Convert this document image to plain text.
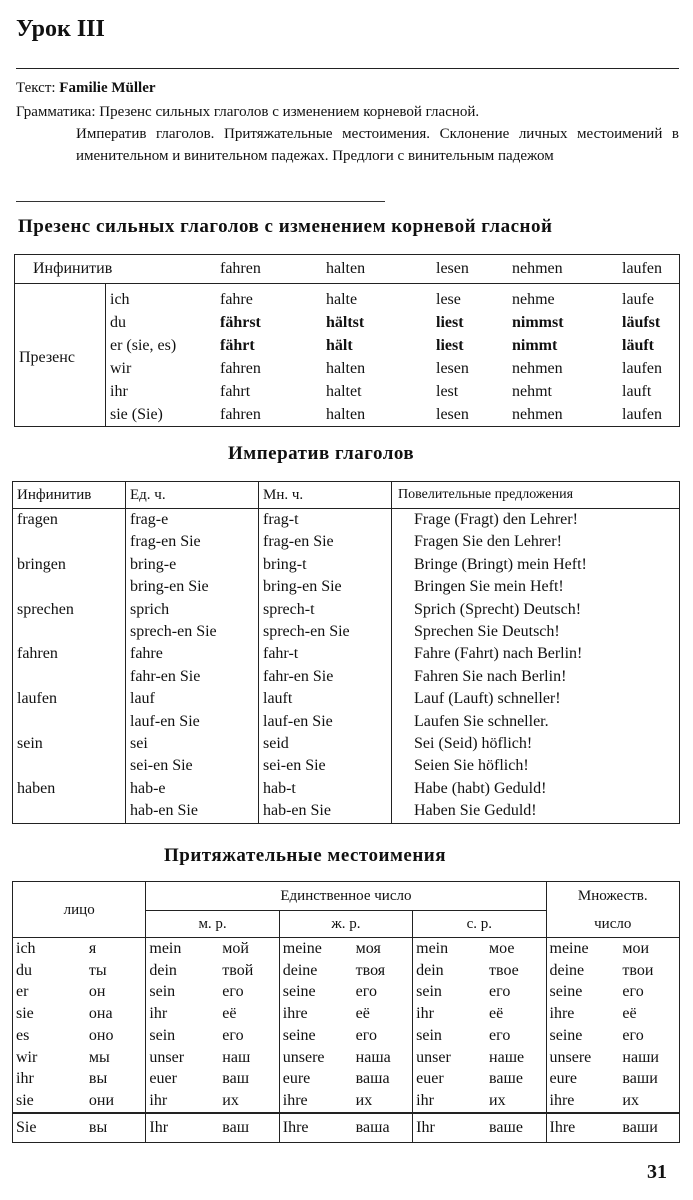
Урок III
Текст: Familie Müller
Грамматика: Презенс сильных глаголов с изменением корневой гласной.
Императив глаголов. Притяжательные местоимения. Склонение личных местоимений в именительном и винительном падежах. Предлоги с винительным падежом
Презенс сильных глаголов с изменением корневой гласной
Инфинитив		fahren	halten	lesen	nehmen	laufen
Презенс	ich	fahre	halte	lese	nehme	laufe
	du	fährst	hältst	liest	nimmst	läufst
	er (sie, es)	fährt	hält	liest	nimmt	läuft
	wir	fahren	halten	lesen	nehmen	laufen
	ihr	fahrt	haltet	lest	nehmt	lauft
	sie (Sie)	fahren	halten	lesen	nehmen	laufen
Императив глаголов
Инфинитив	Ед. ч.	Мн. ч.	Повелительные предложения
fragen	frag-e	frag-t	Frage (Fragt) den Lehrer!
	frag-en Sie	frag-en Sie	Fragen Sie den Lehrer!
bringen	bring-e	bring-t	Bringe (Bringt) mein Heft!
	bring-en Sie	bring-en Sie	Bringen Sie mein Heft!
sprechen	sprich	sprech-t	Sprich (Sprecht) Deutsch!
	sprech-en Sie	sprech-en Sie	Sprechen Sie Deutsch!
fahren	fahre	fahr-t	Fahre (Fahrt) nach Berlin!
	fahr-en Sie	fahr-en Sie	Fahren Sie nach Berlin!
laufen	lauf	lauft	Lauf (Lauft) schneller!
	lauf-en Sie	lauf-en Sie	Laufen Sie schneller.
sein	sei	seid	Sei (Seid) höflich!
	sei-en Sie	sei-en Sie	Seien Sie höflich!
haben	hab-e	hab-t	Habe (habt) Geduld!
	hab-en Sie	hab-en Sie	Haben Sie Geduld!
Притяжательные местоимения
лицо		Единственное число						Множеств.	
		м. р.		ж. р.		с. р.		число	
ich	я	mein	мой	meine	моя	mein	мое	meine	мои
du	ты	dein	твой	deine	твоя	dein	твое	deine	твои
er	он	sein	его	seine	его	sein	его	seine	его
sie	она	ihr	её	ihre	её	ihr	её	ihre	её
es	оно	sein	его	seine	его	sein	его	seine	его
wir	мы	unser	наш	unsere	наша	unser	наше	unsere	наши
ihr	вы	euer	ваш	eure	ваша	euer	ваше	eure	ваши
sie	они	ihr	их	ihre	их	ihr	их	ihre	их
Sie	вы	Ihr	ваш	Ihre	ваша	Ihr	ваше	Ihre	ваши
31
